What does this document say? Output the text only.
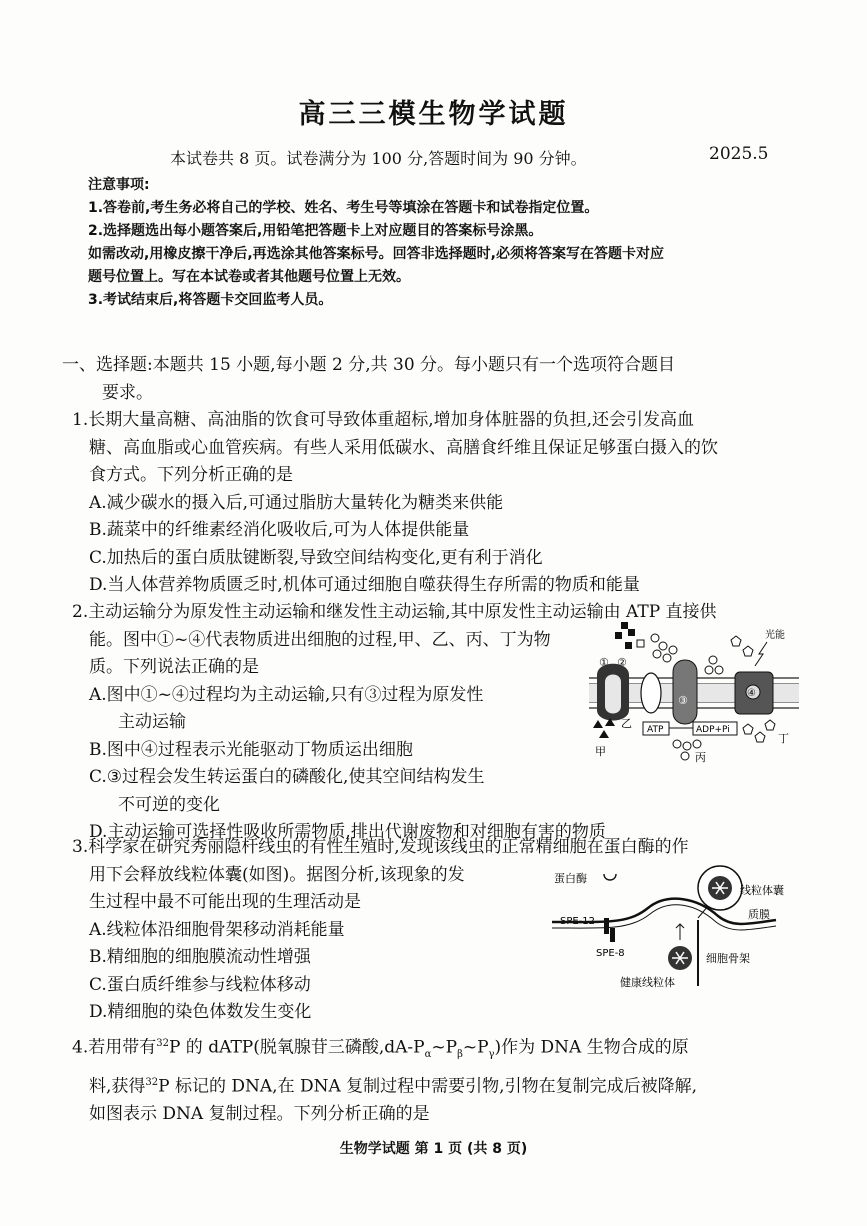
高三三模生物学试题
本试卷共 8 页。试卷满分为 100 分,答题时间为 90 分钟。	2025.5
注意事项:
1.答卷前,考生务必将自己的学校、姓名、考生号等填涂在答题卡和试卷指定位置。
2.选择题选出每小题答案后,用铅笔把答题卡上对应题目的答案标号涂黑。
如需改动,用橡皮擦干净后,再选涂其他答案标号。回答非选择题时,必须将答案写在答题卡对应
题号位置上。写在本试卷或者其他题号位置上无效。
3.考试结束后,将答题卡交回监考人员。
一、选择题:本题共 15 小题,每小题 2 分,共 30 分。每小题只有一个选项符合题目
要求。
1.长期大量高糖、高油脂的饮食可导致体重超标,增加身体脏器的负担,还会引发高血
糖、高血脂或心血管疾病。有些人采用低碳水、高膳食纤维且保证足够蛋白摄入的饮
食方式。下列分析正确的是
A.减少碳水的摄入后,可通过脂肪大量转化为糖类来供能
B.蔬菜中的纤维素经消化吸收后,可为人体提供能量
C.加热后的蛋白质肽键断裂,导致空间结构变化,更有利于消化
D.当人体营养物质匮乏时,机体可通过细胞自噬获得生存所需的物质和能量
2.主动运输分为原发性主动运输和继发性主动运输,其中原发性主动运输由 ATP 直接供
能。图中①~④代表物质进出细胞的过程,甲、乙、丙、丁为物
质。下列说法正确的是
A.图中①~④过程均为主动运输,只有③过程为原发性
主动运输
B.图中④过程表示光能驱动丁物质运出细胞
C.③过程会发生转运蛋白的磷酸化,使其空间结构发生
不可逆的变化
D.主动运输可选择性吸收所需物质,排出代谢废物和对细胞有害的物质
① ②
甲
乙
③
ATP	ADP+Pi
丙
④
光能
丁
3.科学家在研究秀丽隐杆线虫的有性生殖时,发现该线虫的正常精细胞在蛋白酶的作
用下会释放线粒体囊(如图)。据图分析,该现象的发
生过程中最不可能出现的生理活动是
A.线粒体沿细胞骨架移动消耗能量
B.精细胞的细胞膜流动性增强
C.蛋白质纤维参与线粒体移动
D.精细胞的染色体数发生变化
蛋白酶
线粒体囊
SPE-12
质膜
SPE-8	细胞骨架
健康线粒体
4.若用带有$^{32}$P 的 dATP(脱氧腺苷三磷酸$,dA-P_\alpha\sim P_\beta\sim P_\gamma$)作为 DNA 生物合成的原
料,获得$^{32}$P 标记的 DNA,在 DNA 复制过程中需要引物,引物在复制完成后被降解,
如图表示 DNA 复制过程。下列分析正确的是
生物学试题 第 1 页 (共 8 页)
